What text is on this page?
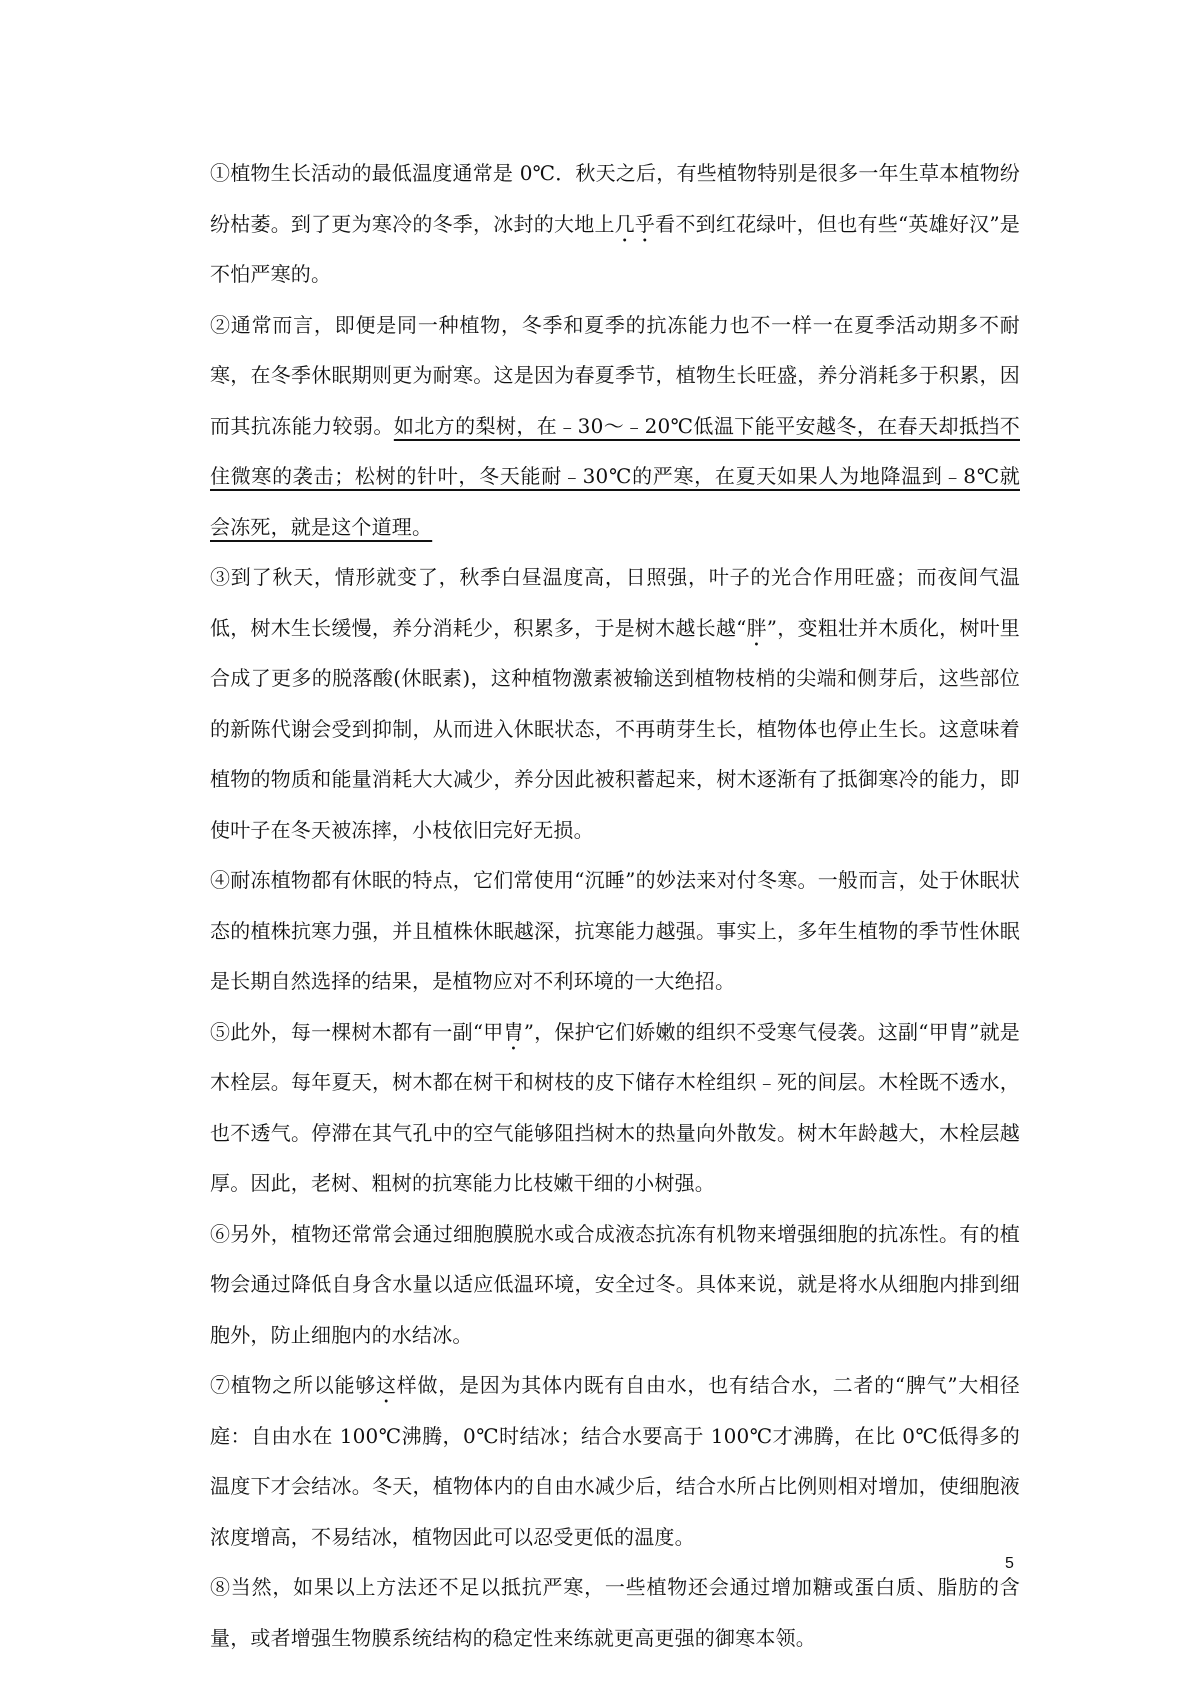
①植物生长活动的最低温度通常是 0℃．秋天之后，有些植物特别是很多一年生草本植物纷纷枯萎。到了更为寒冷的冬季，冰封的大地上几乎看不到红花绿叶，但也有些“英雄好汉”是不怕严寒的。

②通常而言，即便是同一种植物，冬季和夏季的抗冻能力也不一样一在夏季活动期多不耐寒，在冬季休眠期则更为耐寒。这是因为春夏季节，植物生长旺盛，养分消耗多于积累，因而其抗冻能力较弱。如北方的梨树，在﹣30～﹣20℃低温下能平安越冬，在春天却抵挡不住微寒的袭击；松树的针叶，冬天能耐﹣30℃的严寒，在夏天如果人为地降温到﹣8℃就会冻死，就是这个道理。

③到了秋天，情形就变了，秋季白昼温度高，日照强，叶子的光合作用旺盛；而夜间气温低，树木生长缓慢，养分消耗少，积累多，于是树木越长越“胖”，变粗壮并木质化，树叶里合成了更多的脱落酸(休眠素)，这种植物激素被输送到植物枝梢的尖端和侧芽后，这些部位的新陈代谢会受到抑制，从而进入休眠状态，不再萌芽生长，植物体也停止生长。这意味着植物的物质和能量消耗大大减少，养分因此被积蓄起来，树木逐渐有了抵御寒冷的能力，即使叶子在冬天被冻摔，小枝依旧完好无损。

④耐冻植物都有休眠的特点，它们常使用“沉睡”的妙法来对付冬寒。一般而言，处于休眠状态的植株抗寒力强，并且植株休眠越深，抗寒能力越强。事实上，多年生植物的季节性休眠是长期自然选择的结果，是植物应对不利环境的一大绝招。

⑤此外，每一棵树木都有一副“甲胄”，保护它们娇嫩的组织不受寒气侵袭。这副“甲胄”就是木栓层。每年夏天，树木都在树干和树枝的皮下储存木栓组织﹣死的间层。木栓既不透水，也不透气。停滞在其气孔中的空气能够阻挡树木的热量向外散发。树木年龄越大，木栓层越厚。因此，老树、粗树的抗寒能力比枝嫩干细的小树强。

⑥另外，植物还常常会通过细胞膜脱水或合成液态抗冻有机物来增强细胞的抗冻性。有的植物会通过降低自身含水量以适应低温环境，安全过冬。具体来说，就是将水从细胞内排到细胞外，防止细胞内的水结冰。

⑦植物之所以能够这样做，是因为其体内既有自由水，也有结合水，二者的“脾气”大相径庭：自由水在 100℃沸腾，0℃时结冰；结合水要高于 100℃才沸腾，在比 0℃低得多的温度下才会结冰。冬天，植物体内的自由水减少后，结合水所占比例则相对增加，使细胞液浓度增高，不易结冰，植物因此可以忍受更低的温度。

⑧当然，如果以上方法还不足以抵抗严寒，一些植物还会通过增加糖或蛋白质、脂肪的含量，或者增强生物膜系统结构的稳定性来练就更高更强的御寒本领。

5
